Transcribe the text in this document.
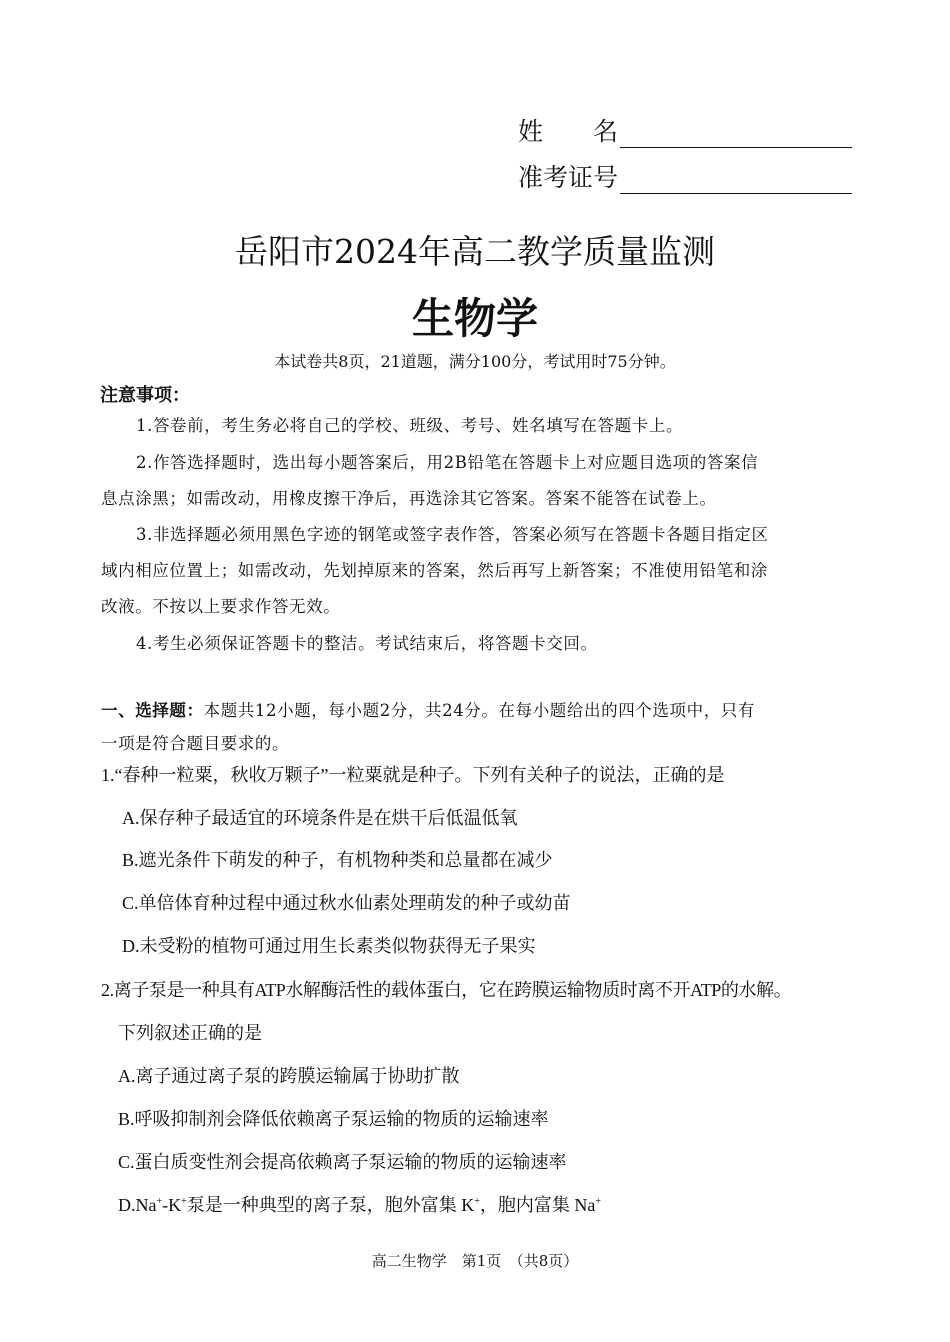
姓　　名
准考证号
岳阳市2024年高二教学质量监测
生物学
本试卷共8页，21道题，满分100分，考试用时75分钟。
注意事项：
1.答卷前，考生务必将自己的学校、班级、考号、姓名填写在答题卡上。
2.作答选择题时，选出每小题答案后，用2B铅笔在答题卡上对应题目选项的答案信
息点涂黑；如需改动，用橡皮擦干净后，再选涂其它答案。答案不能答在试卷上。
3.非选择题必须用黑色字迹的钢笔或签字表作答，答案必须写在答题卡各题目指定区
域内相应位置上；如需改动，先划掉原来的答案，然后再写上新答案；不准使用铅笔和涂
改液。不按以上要求作答无效。
4.考生必须保证答题卡的整洁。考试结束后，将答题卡交回。
一、选择题：本题共12小题，每小题2分，共24分。在每小题给出的四个选项中，只有
一项是符合题目要求的。
1.“春种一粒粟，秋收万颗子”一粒粟就是种子。下列有关种子的说法，正确的是
A.保存种子最适宜的环境条件是在烘干后低温低氧
B.遮光条件下萌发的种子，有机物种类和总量都在减少
C.单倍体育种过程中通过秋水仙素处理萌发的种子或幼苗
D.未受粉的植物可通过用生长素类似物获得无子果实
2.离子泵是一种具有ATP水解酶活性的载体蛋白，它在跨膜运输物质时离不开ATP的水解。
下列叙述正确的是
A.离子通过离子泵的跨膜运输属于协助扩散
B.呼吸抑制剂会降低依赖离子泵运输的物质的运输速率
C.蛋白质变性剂会提高依赖离子泵运输的物质的运输速率
D.Na+-K+泵是一种典型的离子泵，胞外富集 K+，胞内富集 Na+
高二生物学　第1页　（共8页）
